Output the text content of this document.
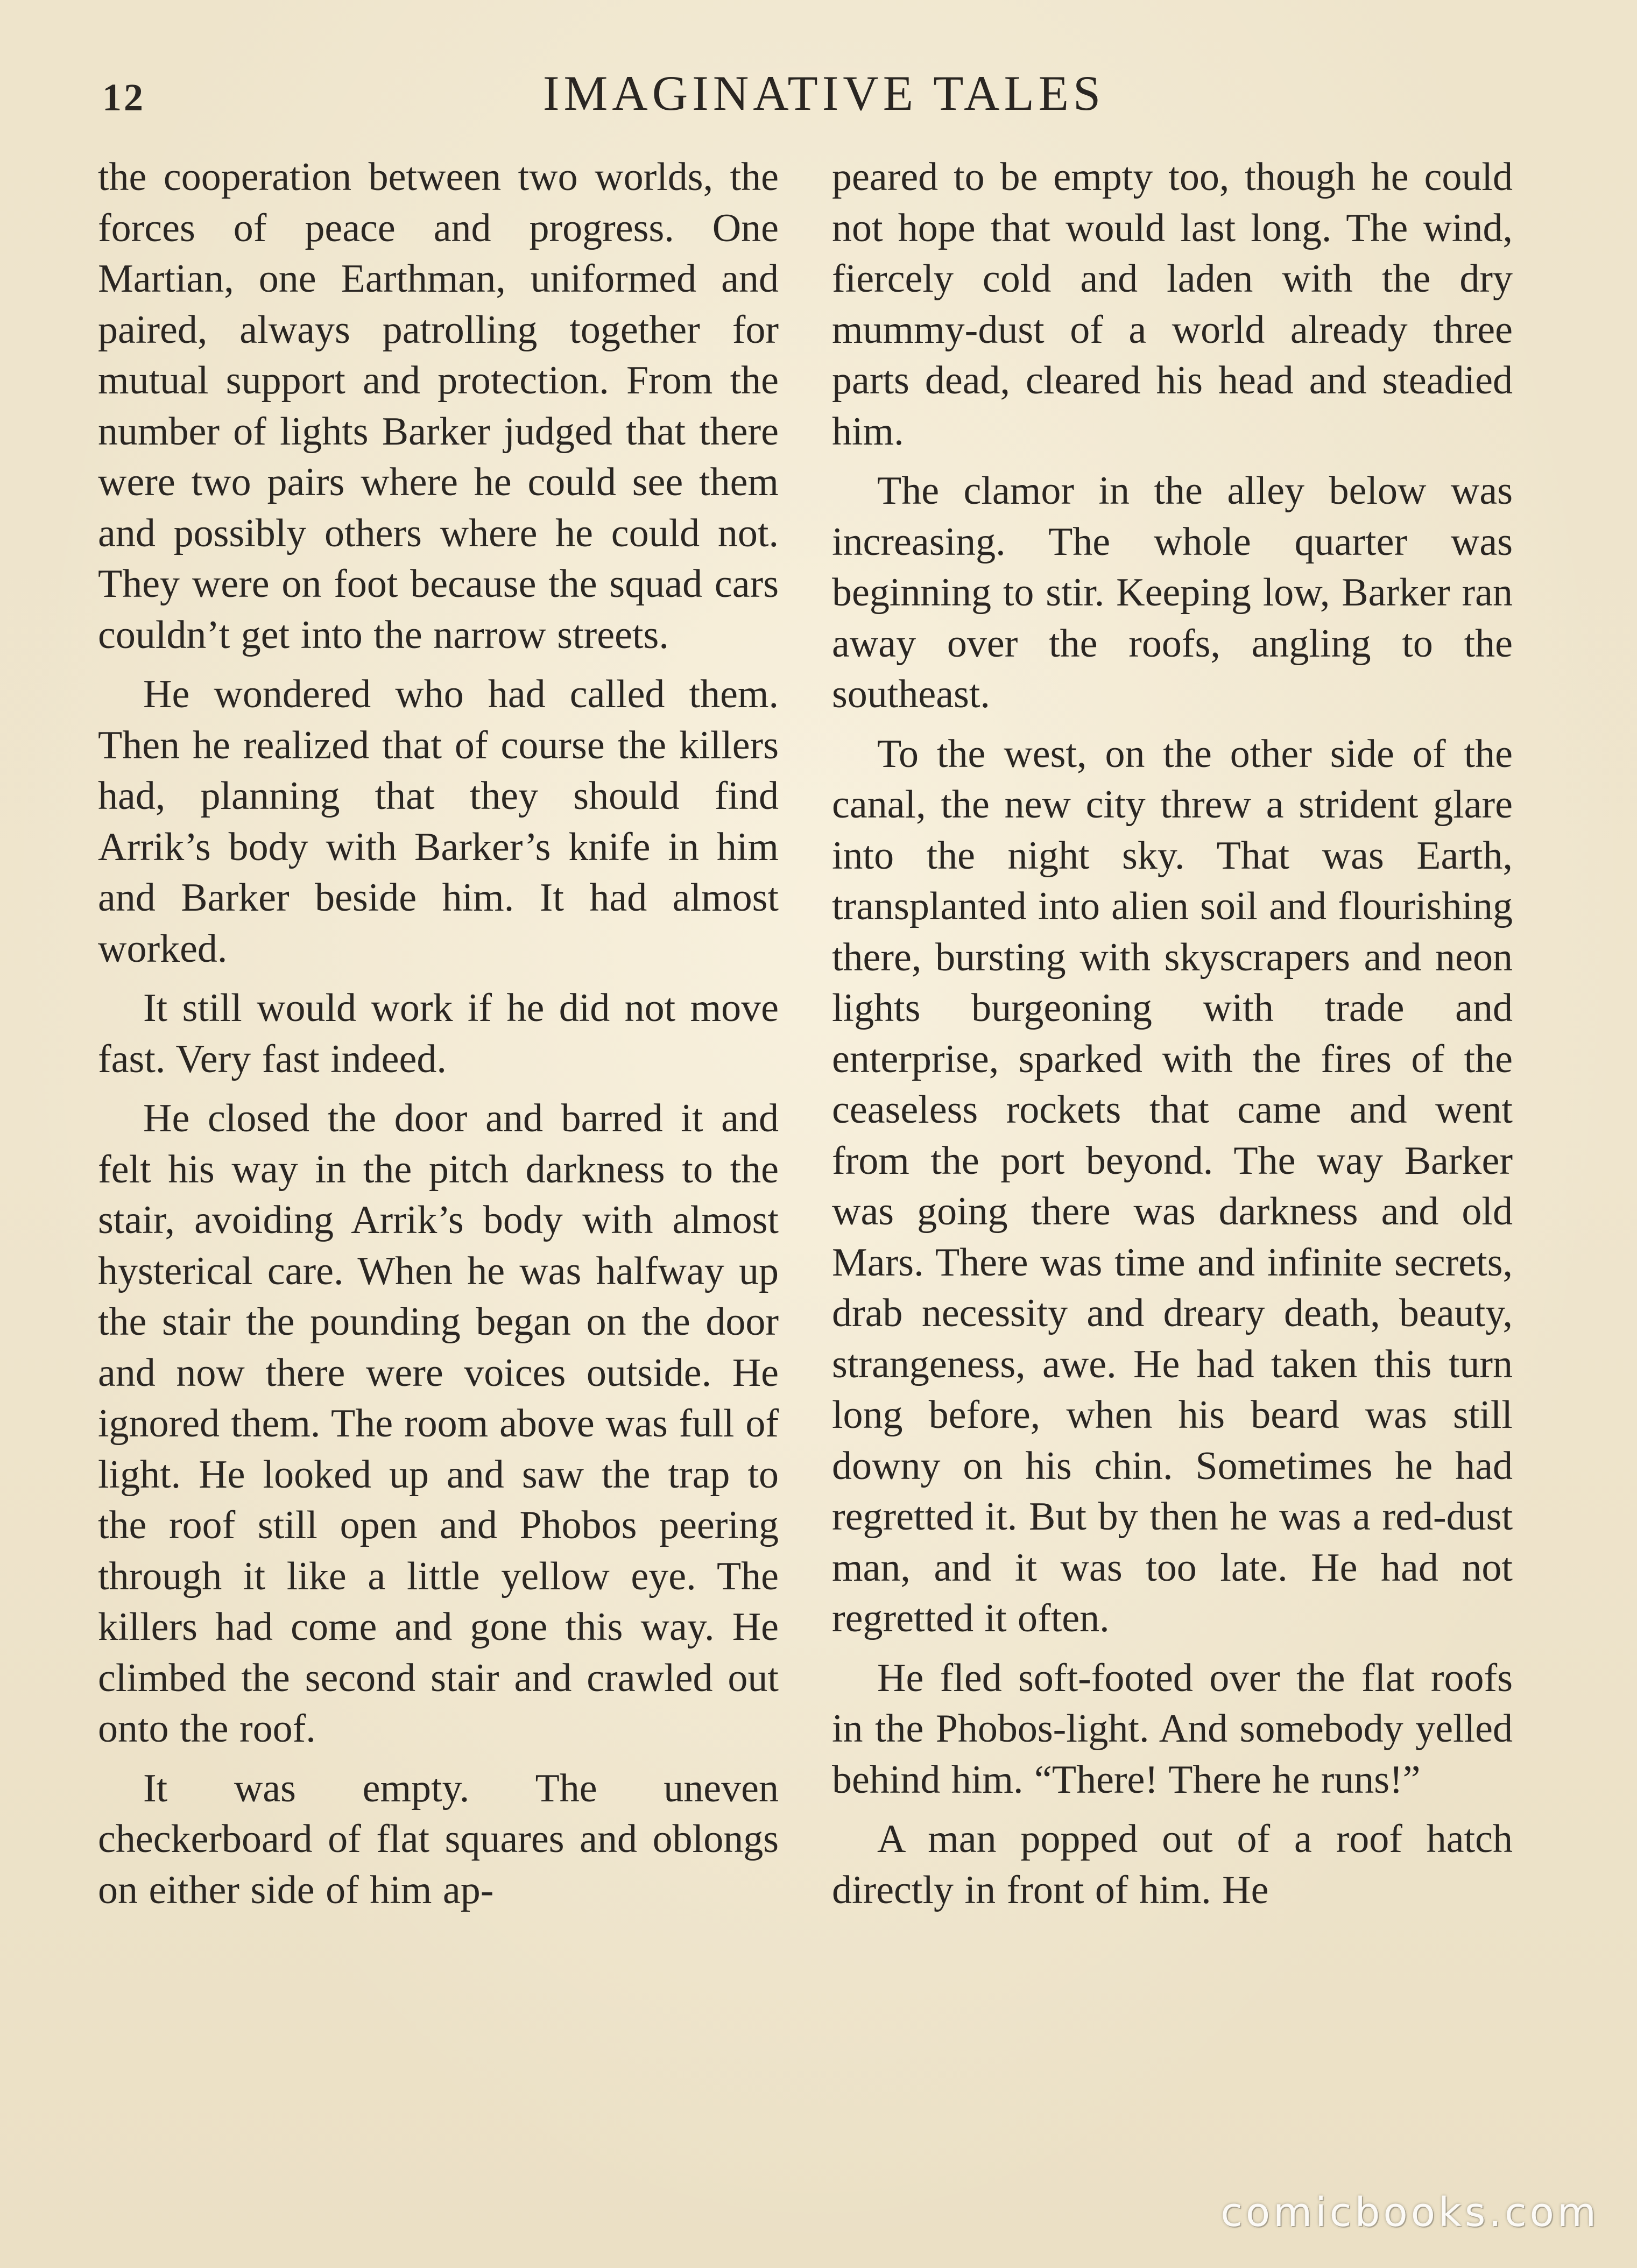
12	IMAGINATIVE TALES

the cooperation between two worlds, the forces of peace and progress. One Martian, one Earthman, uniformed and paired, always patrolling together for mutual support and protection. From the number of lights Barker judged that there were two pairs where he could see them and possibly others where he could not. They were on foot because the squad cars couldn’t get into the narrow streets.

He wondered who had called them. Then he realized that of course the killers had, planning that they should find Arrik’s body with Barker’s knife in him and Barker beside him. It had almost worked.

It still would work if he did not move fast. Very fast indeed.

He closed the door and barred it and felt his way in the pitch darkness to the stair, avoiding Arrik’s body with almost hysterical care. When he was halfway up the stair the pounding began on the door and now there were voices outside. He ignored them. The room above was full of light. He looked up and saw the trap to the roof still open and Phobos peering through it like a little yellow eye. The killers had come and gone this way. He climbed the second stair and crawled out onto the roof.

It was empty. The uneven checkerboard of flat squares and oblongs on either side of him ap-

peared to be empty too, though he could not hope that would last long. The wind, fiercely cold and laden with the dry mummy-dust of a world already three parts dead, cleared his head and steadied him.

The clamor in the alley below was increasing. The whole quarter was beginning to stir. Keeping low, Barker ran away over the roofs, angling to the southeast.

To the west, on the other side of the canal, the new city threw a strident glare into the night sky. That was Earth, transplanted into alien soil and flourishing there, bursting with skyscrapers and neon lights burgeoning with trade and enterprise, sparked with the fires of the ceaseless rockets that came and went from the port beyond. The way Barker was going there was darkness and old Mars. There was time and infinite secrets, drab necessity and dreary death, beauty, strangeness, awe. He had taken this turn long before, when his beard was still downy on his chin. Sometimes he had regretted it. But by then he was a red-dust man, and it was too late. He had not regretted it often.

He fled soft-footed over the flat roofs in the Phobos-light. And somebody yelled behind him. “There! There he runs!”

A man popped out of a roof hatch directly in front of him. He

comicbooks.com
